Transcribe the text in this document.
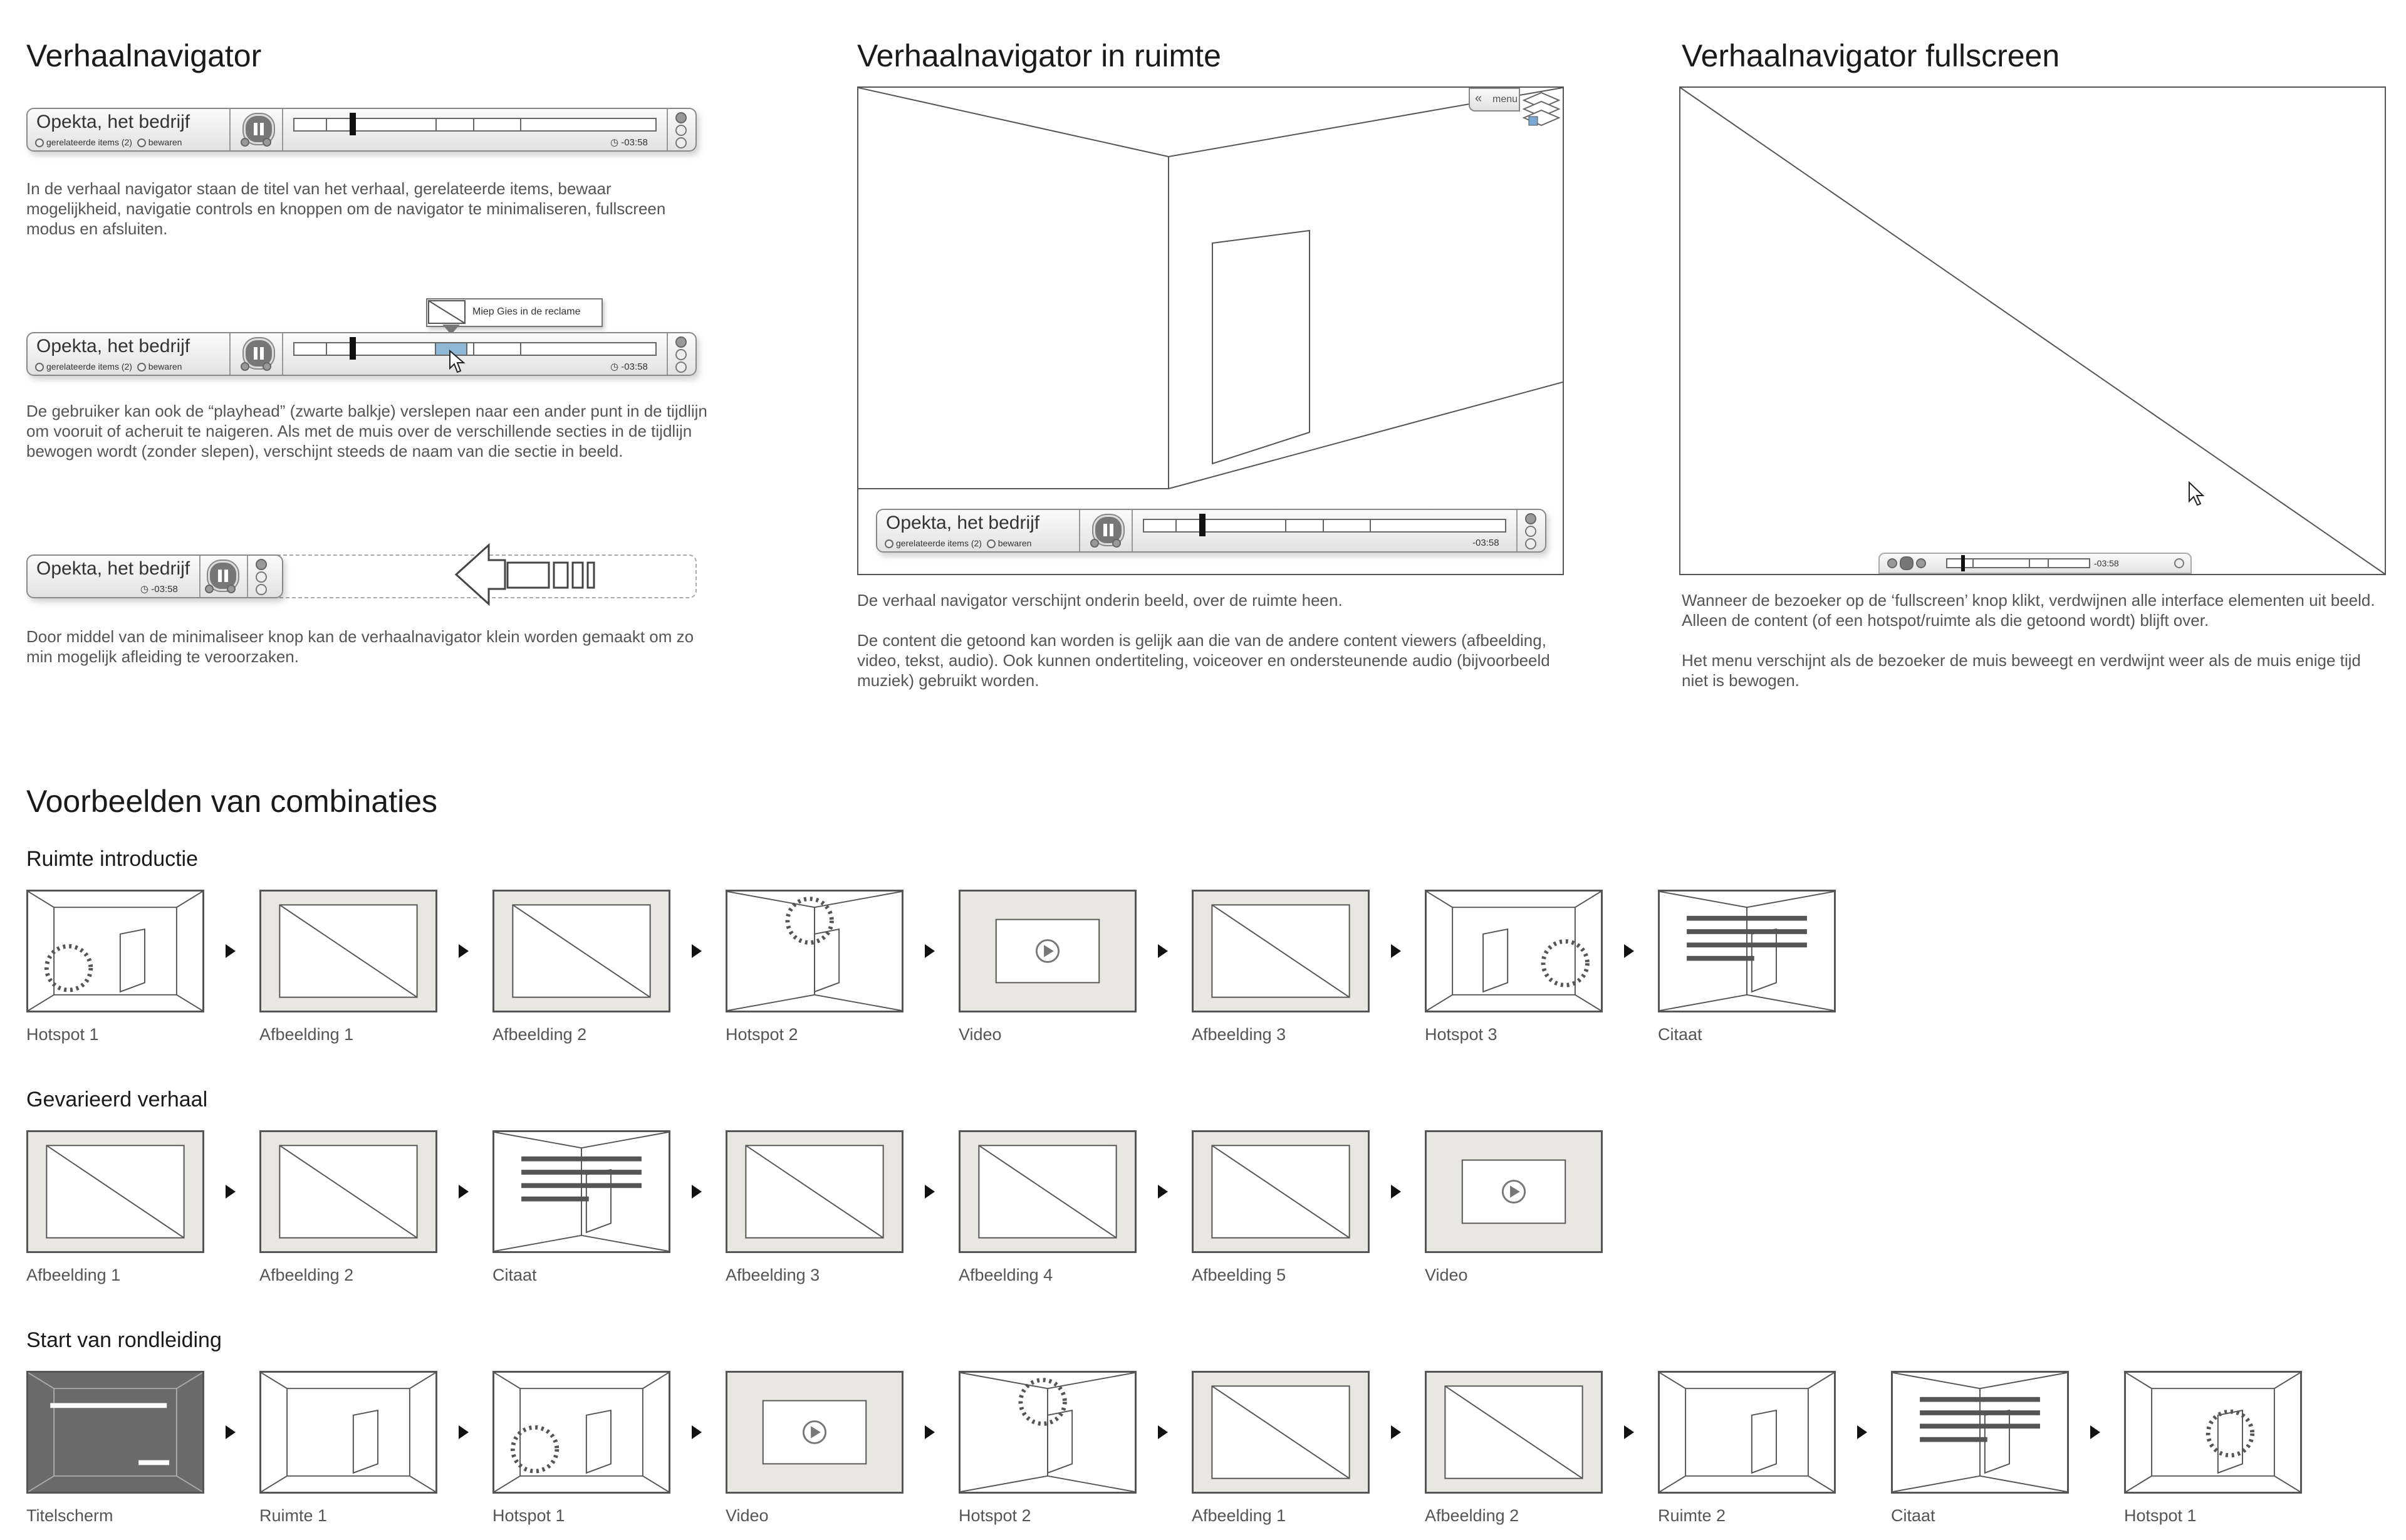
Verhaalnavigator
Opekta, het bedrijf
gerelateerde items (2) bewaren	◷ -03:58
In de verhaal navigator staan de titel van het verhaal, gerelateerde items, bewaar mogelijkheid, navigatie controls en knoppen om de navigator te minimaliseren, fullscreen modus en afsluiten.
Miep Gies in de reclame
Opekta, het bedrijf
gerelateerde items (2) bewaren	◷ -03:58
De gebruiker kan ook de “playhead” (zwarte balkje) verslepen naar een ander punt in de tijdlijn om vooruit of acheruit te naigeren. Als met de muis over de verschillende secties in de tijdlijn bewogen wordt (zonder slepen), verschijnt steeds de naam van die sectie in beeld.
Opekta, het bedrijf
◷ -03:58
Door middel van de minimaliseer knop kan de verhaalnavigator klein worden gemaakt om zo min mogelijk afleiding te veroorzaken.
Verhaalnavigator in ruimte
« menu
Opekta, het bedrijf
gerelateerde items (2) bewaren	-03:58
De verhaal navigator verschijnt onderin beeld, over de ruimte heen.
De content die getoond kan worden is gelijk aan die van de andere content viewers (afbeelding, video, tekst, audio). Ook kunnen ondertiteling, voiceover en ondersteunende audio (bijvoorbeeld muziek) gebruikt worden.
Verhaalnavigator fullscreen
-03:58
Wanneer de bezoeker op de ‘fullscreen’ knop klikt, verdwijnen alle interface elementen uit beeld. Alleen de content (of een hotspot/ruimte als die getoond wordt) blijft over.
Het menu verschijnt als de bezoeker de muis beweegt en verdwijnt weer als de muis enige tijd niet is bewogen.
Voorbeelden van combinaties
Ruimte introductie
Hotspot 1	Afbeelding 1	Afbeelding 2	Hotspot 2	Video	Afbeelding 3	Hotspot 3	Citaat
Gevarieerd verhaal
Afbeelding 1	Afbeelding 2	Citaat	Afbeelding 3	Afbeelding 4	Afbeelding 5	Video
Start van rondleiding
Titelscherm	Ruimte 1	Hotspot 1	Video	Hotspot 2	Afbeelding 1	Afbeelding 2	Ruimte 2	Citaat	Hotspot 1
